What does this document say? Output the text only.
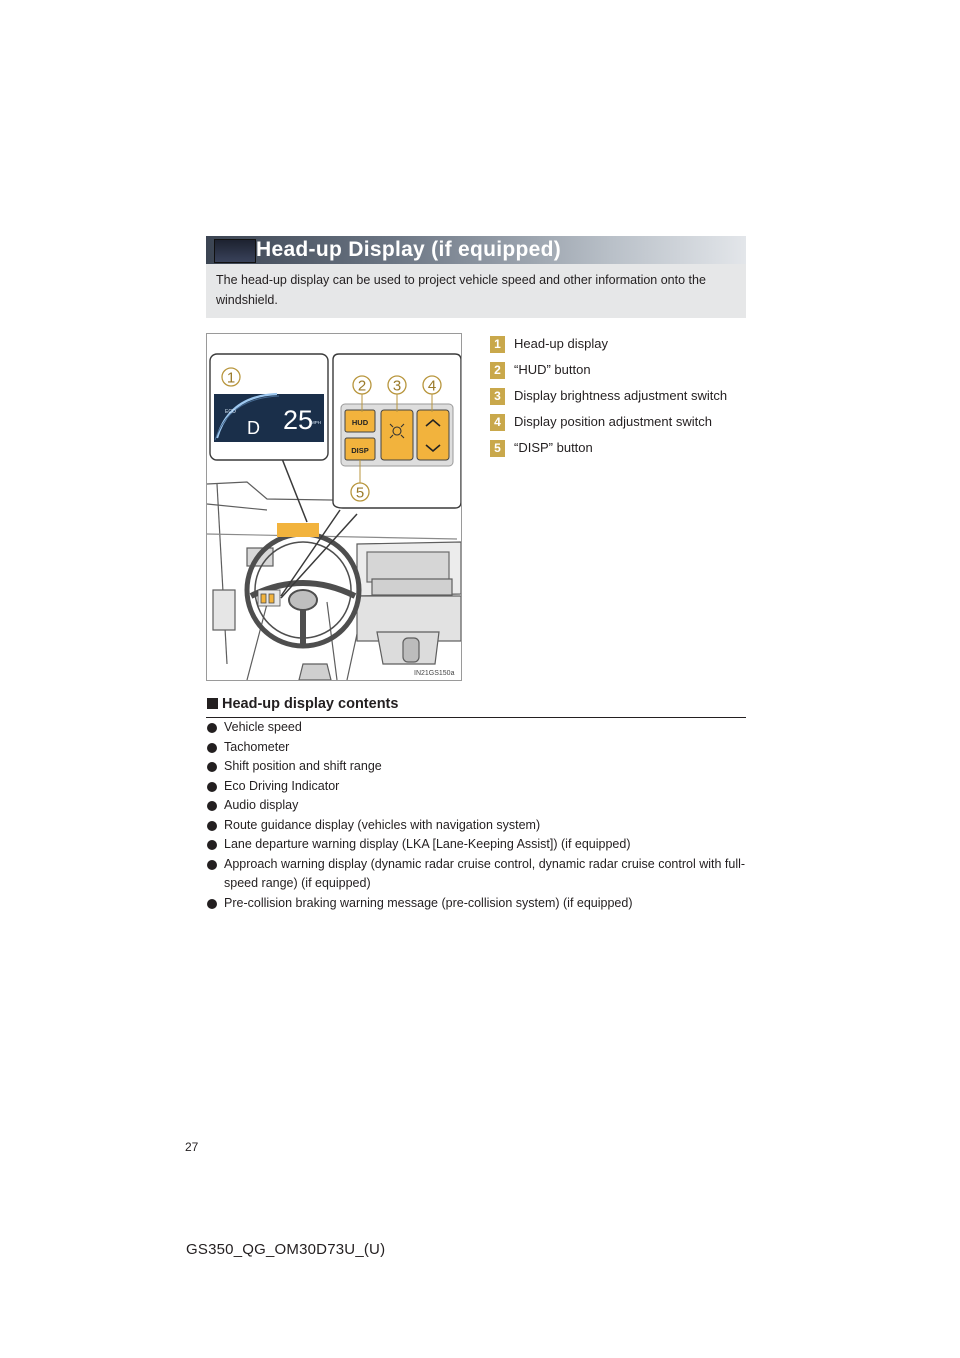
Head-up Display (if equipped)
The head-up display can be used to project vehicle speed and other information onto the windshield.
ECO
D 25
MPH	HUD
DISP
1	2 3 4
5
IN21GS150a
1	Head-up display
2	“HUD” button
3	Display brightness adjustment switch
4	Display position adjustment switch
5	“DISP” button
Head-up display contents
Vehicle speed
Tachometer
Shift position and shift range
Eco Driving Indicator
Audio display
Route guidance display (vehicles with navigation system)
Lane departure warning display (LKA [Lane-Keeping Assist]) (if equipped)
Approach warning display (dynamic radar cruise control, dynamic radar cruise control with full-speed range) (if equipped)
Pre-collision braking warning message (pre-collision system) (if equipped)
27
GS350_QG_OM30D73U_(U)
